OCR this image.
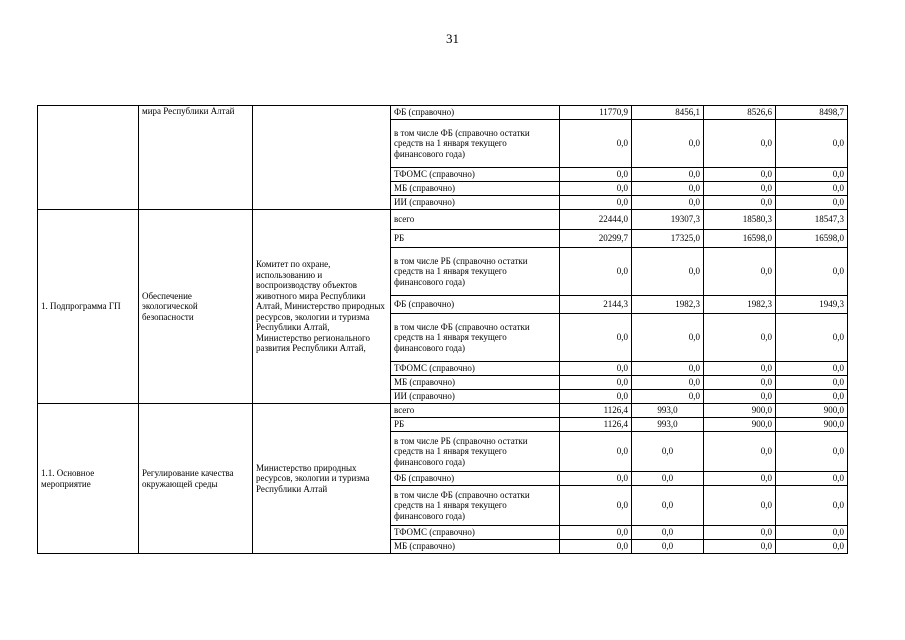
31
	мира Республики Алтай		ФБ (справочно)	11770,9	8456,1	8526,6	8498,7
			в том числе ФБ (справочно остатки средств на 1 января текущего финансового года)	0,0	0,0	0,0	0,0
			ТФОМС (справочно)	0,0	0,0	0,0	0,0
			МБ (справочно)	0,0	0,0	0,0	0,0
			ИИ (справочно)	0,0	0,0	0,0	0,0
1. Подпрограмма ГП	Обеспечение экологической безопасности	Комитет по охране, использованию и воспроизводству объектов животного мира Республики Алтай, Министерство природных ресурсов, экологии и туризма Республики Алтай, Министерство регионального развития Республики Алтай,	всего	22444,0	19307,3	18580,3	18547,3
			РБ	20299,7	17325,0	16598,0	16598,0
			в том числе РБ (справочно остатки средств на 1 января текущего финансового года)	0,0	0,0	0,0	0,0
			ФБ (справочно)	2144,3	1982,3	1982,3	1949,3
			в том числе ФБ (справочно остатки средств на 1 января текущего финансового года)	0,0	0,0	0,0	0,0
			ТФОМС (справочно)	0,0	0,0	0,0	0,0
			МБ (справочно)	0,0	0,0	0,0	0,0
			ИИ (справочно)	0,0	0,0	0,0	0,0
1.1. Основное мероприятие	Регулирование качества окружающей среды	Министерство природных ресурсов, экологии и туризма Республики Алтай	всего	1126,4	993,0	900,0	900,0
			РБ	1126,4	993,0	900,0	900,0
			в том числе РБ (справочно остатки средств на 1 января текущего финансового года)	0,0	0,0	0,0	0,0
			ФБ (справочно)	0,0	0,0	0,0	0,0
			в том числе ФБ (справочно остатки средств на 1 января текущего финансового года)	0,0	0,0	0,0	0,0
			ТФОМС (справочно)	0,0	0,0	0,0	0,0
			МБ (справочно)	0,0	0,0	0,0	0,0
